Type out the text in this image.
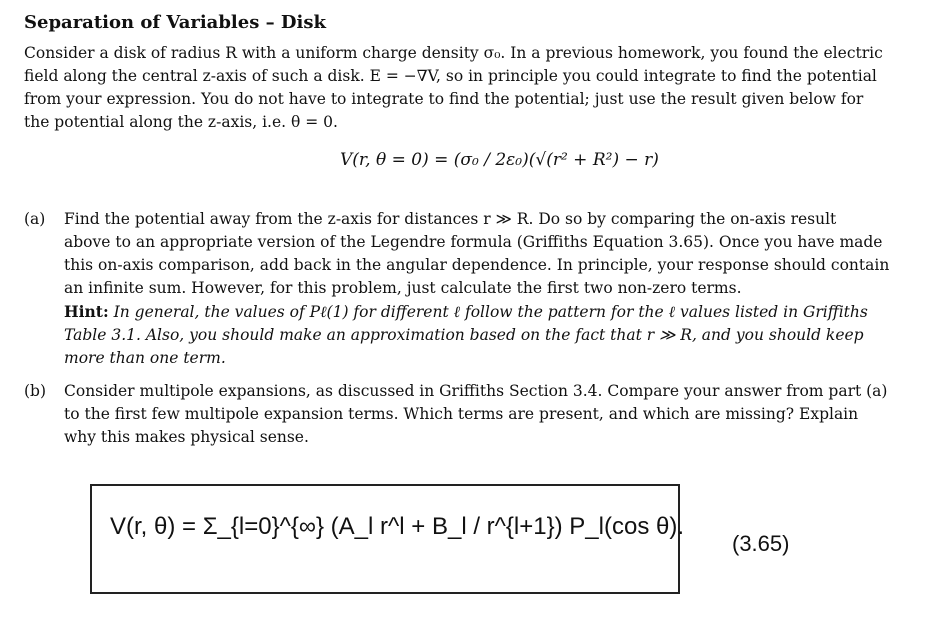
Separation of Variables – Disk
Consider a disk of radius R with a uniform charge density σ₀. In a previous homework, you found the electric
field along the central z-axis of such a disk. E = −∇V, so in principle you could integrate to find the potential
from your expression. You do not have to integrate to find the potential; just use the result given below for
the potential along the z-axis, i.e. θ = 0.
V(r, θ = 0) = (σ₀ / 2ε₀)(√(r² + R²) − r)
(a) Find the potential away from the z-axis for distances r ≫ R. Do so by comparing the on-axis result
above to an appropriate version of the Legendre formula (Griffiths Equation 3.65). Once you have made
this on-axis comparison, add back in the angular dependence. In principle, your response should contain
an infinite sum. However, for this problem, just calculate the first two non-zero terms.
Hint: In general, the values of Pℓ(1) for different ℓ follow the pattern for the ℓ values listed in Griffiths
Table 3.1. Also, you should make an approximation based on the fact that r ≫ R, and you should keep
more than one term.
(b) Consider multipole expansions, as discussed in Griffiths Section 3.4. Compare your answer from part (a)
to the first few multipole expansion terms. Which terms are present, and which are missing? Explain
why this makes physical sense.
V(r, θ) = Σ_{l=0}^{∞} (A_l r^l + B_l / r^{l+1}) P_l(cos θ).
(3.65)
